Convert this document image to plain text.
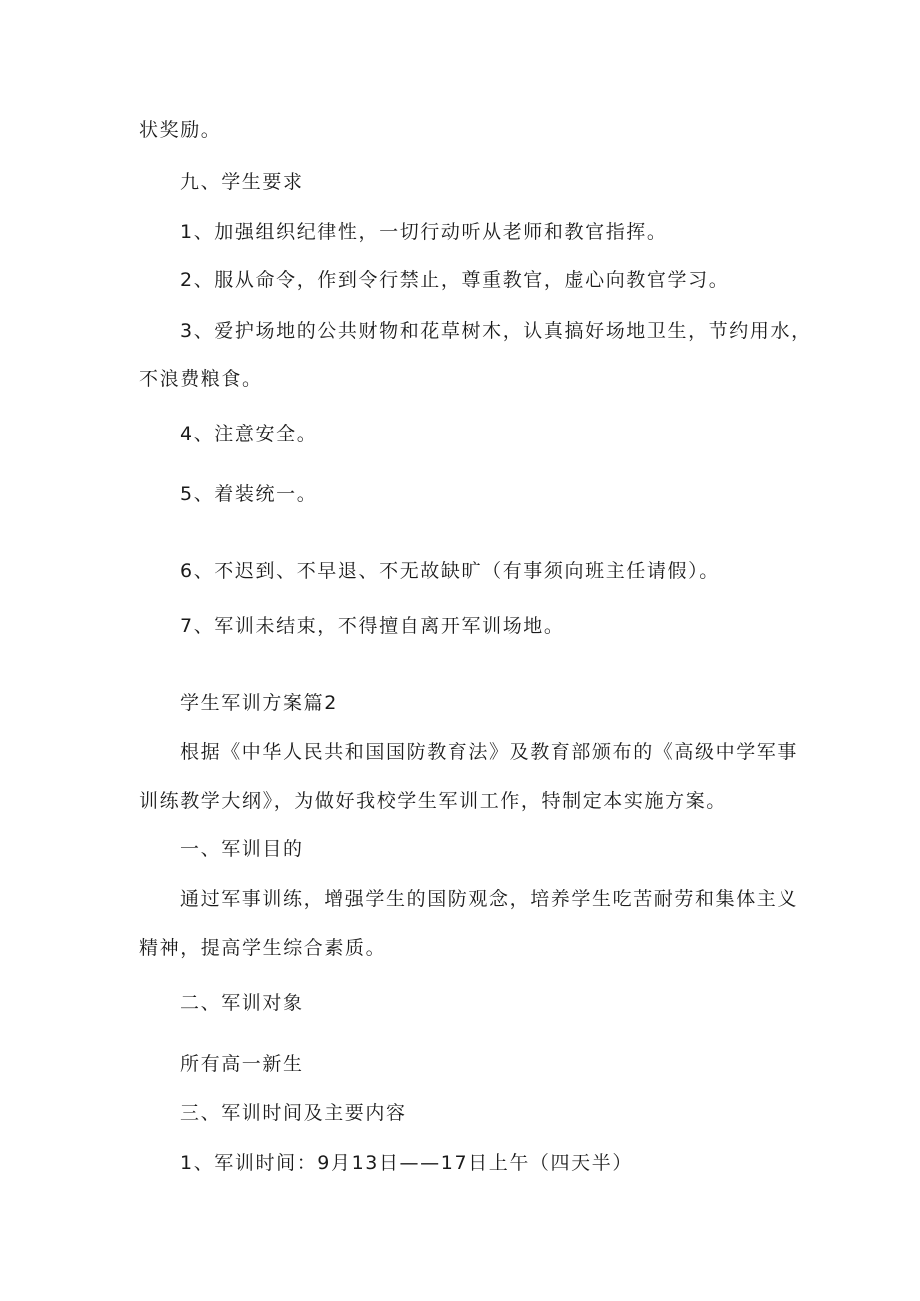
状奖励。
九、学生要求
1、加强组织纪律性，一切行动听从老师和教官指挥。
2、服从命令，作到令行禁止，尊重教官，虚心向教官学习。
3、爱护场地的公共财物和花草树木，认真搞好场地卫生，节约用水，
不浪费粮食。
4、注意安全。
5、着装统一。
6、不迟到、不早退、不无故缺旷（有事须向班主任请假）。
7、军训未结束，不得擅自离开军训场地。
学生军训方案篇2
根据《中华人民共和国国防教育法》及教育部颁布的《高级中学军事
训练教学大纲》，为做好我校学生军训工作，特制定本实施方案。
一、军训目的
通过军事训练，增强学生的国防观念，培养学生吃苦耐劳和集体主义
精神，提高学生综合素质。
二、军训对象
所有高一新生
三、军训时间及主要内容
1、军训时间：9月13日——17日上午（四天半）
